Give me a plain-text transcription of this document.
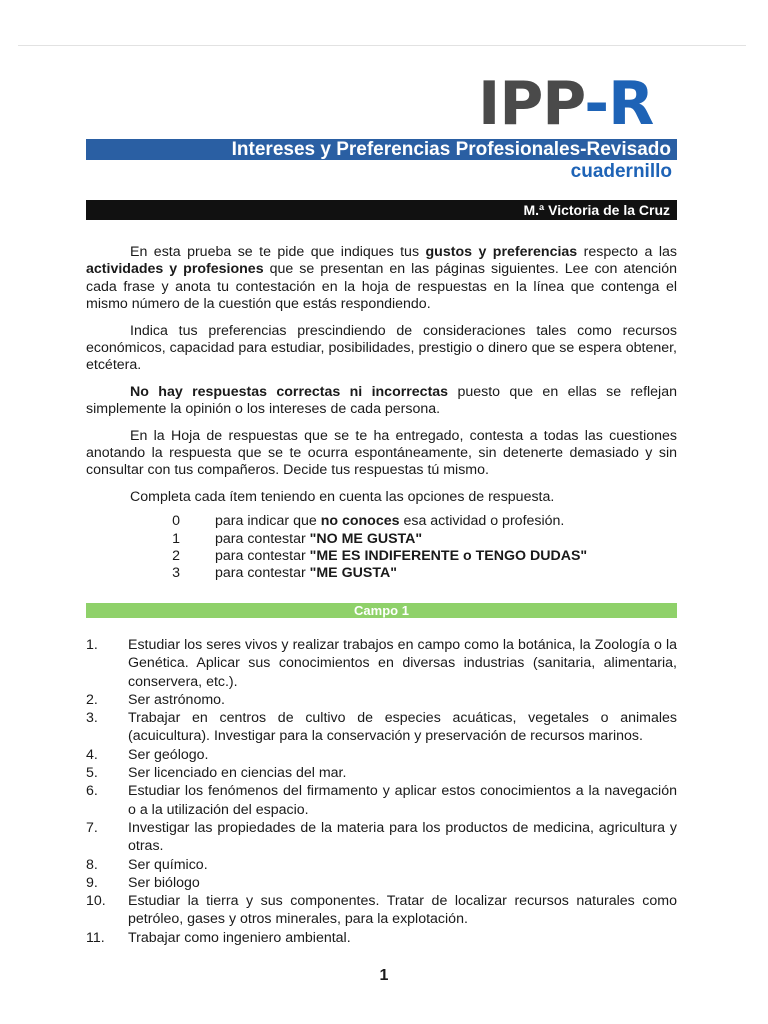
IPP-R
Intereses y Preferencias Profesionales-Revisado
cuadernillo
M.ª Victoria de la Cruz

En esta prueba se te pide que indiques tus gustos y preferencias respecto a las actividades y profesiones que se presentan en las páginas siguientes. Lee con atención cada frase y anota tu contestación en la hoja de respuestas en la línea que contenga el mismo número de la cuestión que estás respondiendo.

Indica tus preferencias prescindiendo de consideraciones tales como recursos económicos, capacidad para estudiar, posibilidades, prestigio o dinero que se espera obtener, etcétera.

No hay respuestas correctas ni incorrectas puesto que en ellas se reflejan simplemente la opinión o los intereses de cada persona.

En la Hoja de respuestas que se te ha entregado, contesta a todas las cuestiones anotando la respuesta que se te ocurra espontáneamente, sin detenerte demasiado y sin consultar con tus compañeros. Decide tus respuestas tú mismo.

Completa cada ítem teniendo en cuenta las opciones de respuesta.

0 para indicar que no conoces esa actividad o profesión.
1 para contestar "NO ME GUSTA"
2 para contestar "ME ES INDIFERENTE o TENGO DUDAS"
3 para contestar "ME GUSTA"
Campo 1
1.	Estudiar los seres vivos y realizar trabajos en campo como la botánica, la Zoología o la Genética. Aplicar sus conocimientos en diversas industrias (sanitaria, alimentaria, conservera, etc.).
2.	Ser astrónomo.
3.	Trabajar en centros de cultivo de especies acuáticas, vegetales o animales (acuicultura). Investigar para la conservación y preservación de recursos marinos.
4.	Ser geólogo.
5.	Ser licenciado en ciencias del mar.
6.	Estudiar los fenómenos del firmamento y aplicar estos conocimientos a la navegación o a la utilización del espacio.
7.	Investigar las propiedades de la materia para los productos de medicina, agricultura y otras.
8.	Ser químico.
9.	Ser biólogo
10.	Estudiar la tierra y sus componentes. Tratar de localizar recursos naturales como petróleo, gases y otros minerales, para la explotación.
11.	Trabajar como ingeniero ambiental.
1
